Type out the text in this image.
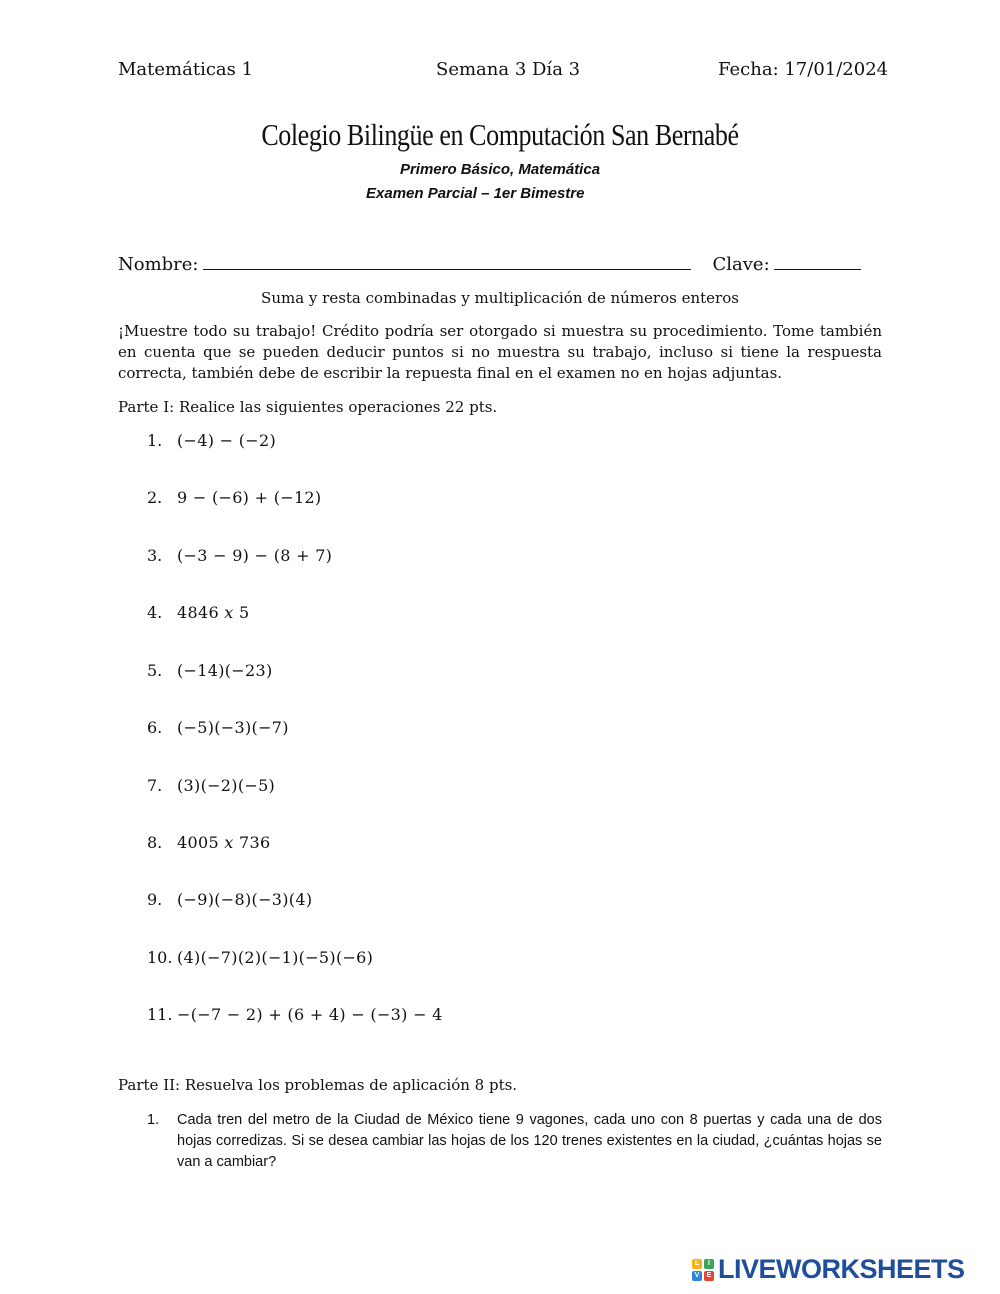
Matemáticas 1	Semana 3 Día 3	Fecha: 17/01/2024
Colegio Bilingüe en Computación San Bernabé
Primero Básico, Matemática
Examen Parcial – 1er Bimestre
Nombre:	Clave:
Suma y resta combinadas y multiplicación de números enteros
¡Muestre todo su trabajo! Crédito podría ser otorgado si muestra su procedimiento. Tome también en cuenta que se pueden deducir puntos si no muestra su trabajo, incluso si tiene la respuesta correcta, también debe de escribir la repuesta final en el examen no en hojas adjuntas.
Parte I: Realice las siguientes operaciones 22 pts.
1. (−4) − (−2)
2. 9 − (−6) + (−12)
3. (−3 − 9) − (8 + 7)
4. 4846 𝑥 5
5. (−14)(−23)
6. (−5)(−3)(−7)
7. (3)(−2)(−5)
8. 4005 𝑥 736
9. (−9)(−8)(−3)(4)
10. (4)(−7)(2)(−1)(−5)(−6)
11. −(−7 − 2) + (6 + 4) − (−3) − 4
Parte II: Resuelva los problemas de aplicación 8 pts.
1.	Cada tren del metro de la Ciudad de México tiene 9 vagones, cada uno con 8 puertas y cada una de dos hojas corredizas. Si se desea cambiar las hojas de los 120 trenes existentes en la ciudad, ¿cuántas hojas se van a cambiar?
L	I
V	E LIVEWORKSHEETS
